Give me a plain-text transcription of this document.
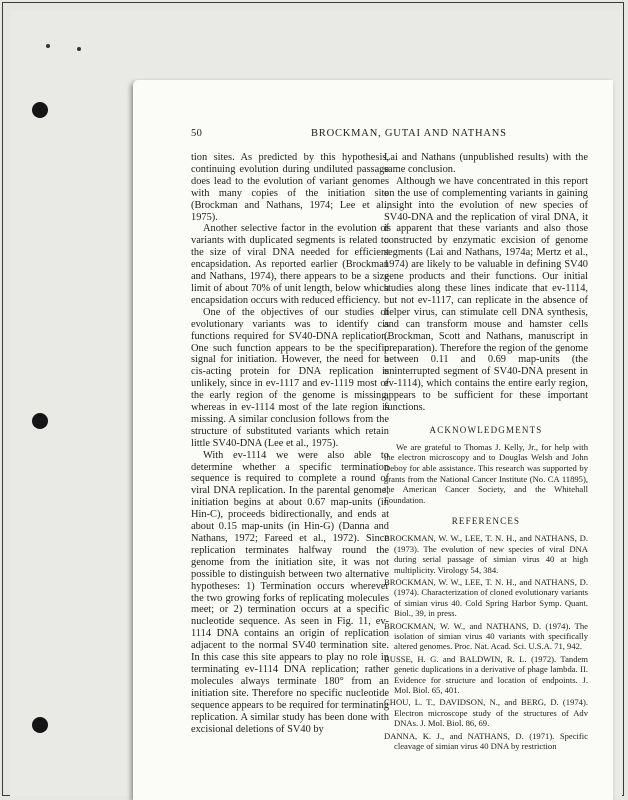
50	BROCKMAN, GUTAI AND NATHANS

tion sites. As predicted by this hypothesis, continuing evolution during undiluted passage does lead to the evolution of variant genomes with many copies of the initiation site (Brockman and Nathans, 1974; Lee et al., 1975).

Another selective factor in the evolution of variants with duplicated segments is related to the size of viral DNA needed for efficient encapsidation. As reported earlier (Brockman and Nathans, 1974), there appears to be a size limit of about 70% of unit length, below which encapsidation occurs with reduced efficiency.

One of the objectives of our studies of evolutionary variants was to identify cis functions required for SV40-DNA replication. One such function appears to be the specific signal for initiation. However, the need for a cis-acting protein for DNA replication is unlikely, since in ev-1117 and ev-1119 most of the early region of the genome is missing, whereas in ev-1114 most of the late region is missing. A similar conclusion follows from the structure of substituted variants which retain little SV40-DNA (Lee et al., 1975).

With ev-1114 we were also able to determine whether a specific termination sequence is required to complete a round of viral DNA replication. In the parental genome, initiation begins at about 0.67 map-units (in Hin-C), proceeds bidirectionally, and ends at about 0.15 map-units (in Hin-G) (Danna and Nathans, 1972; Fareed et al., 1972). Since replication terminates halfway round the genome from the initiation site, it was not possible to distinguish between two alternative hypotheses: 1) Termination occurs wherever the two growing forks of replicating molecules meet; or 2) termination occurs at a specific nucleotide sequence. As seen in Fig. 11, ev-1114 DNA contains an origin of replication adjacent to the normal SV40 termination site. In this case this site appears to play no role in terminating ev-1114 DNA replication; rather molecules always terminate 180° from an initiation site. Therefore no specific nucleotide sequence appears to be required for terminating replication. A similar study has been done with excisional deletions of SV40 by

Lai and Nathans (unpublished results) with the same conclusion.

Although we have concentrated in this report on the use of complementing variants in gaining insight into the evolution of new species of SV40-DNA and the replication of viral DNA, it is apparent that these variants and also those constructed by enzymatic excision of genome segments (Lai and Nathans, 1974a; Mertz et al., 1974) are likely to be valuable in defining SV40 gene products and their functions. Our initial studies along these lines indicate that ev-1114, but not ev-1117, can replicate in the absence of helper virus, can stimulate cell DNA synthesis, and can transform mouse and hamster cells (Brockman, Scott and Nathans, manuscript in preparation). Therefore the region of the genome between 0.11 and 0.69 map-units (the uninterrupted segment of SV40-DNA present in ev-1114), which contains the entire early region, appears to be sufficient for these important functions.

ACKNOWLEDGMENTS

We are grateful to Thomas J. Kelly, Jr., for help with the electron microscopy and to Douglas Welsh and John Deboy for able assistance. This research was supported by grants from the National Cancer Institute (No. CA 11895), the American Cancer Society, and the Whitehall Foundation.

REFERENCES
BROCKMAN, W. W., LEE, T. N. H., and NATHANS, D. (1973). The evolution of new species of viral DNA during serial passage of simian virus 40 at high multiplicity. Virology 54, 384.
BROCKMAN, W. W., LEE, T. N. H., and NATHANS, D. (1974). Characterization of cloned evolutionary variants of simian virus 40. Cold Spring Harbor Symp. Quant. Biol., 39, in press.
BROCKMAN, W. W., and NATHANS, D. (1974). The isolation of simian virus 40 variants with specifically altered genomes. Proc. Nat. Acad. Sci. U.S.A. 71, 942.
BUSSE, H. G. and BALDWIN, R. L. (1972). Tandem genetic duplications in a derivative of phage lambda. II. Evidence for structure and location of endpoints. J. Mol. Biol. 65, 401.
CHOU, L. T., DAVIDSON, N., and BERG, D. (1974). Electron microscope study of the structures of Adv DNAs. J. Mol. Biol. 86, 69.
DANNA, K. J., and NATHANS, D. (1971). Specific cleavage of simian virus 40 DNA by restriction
